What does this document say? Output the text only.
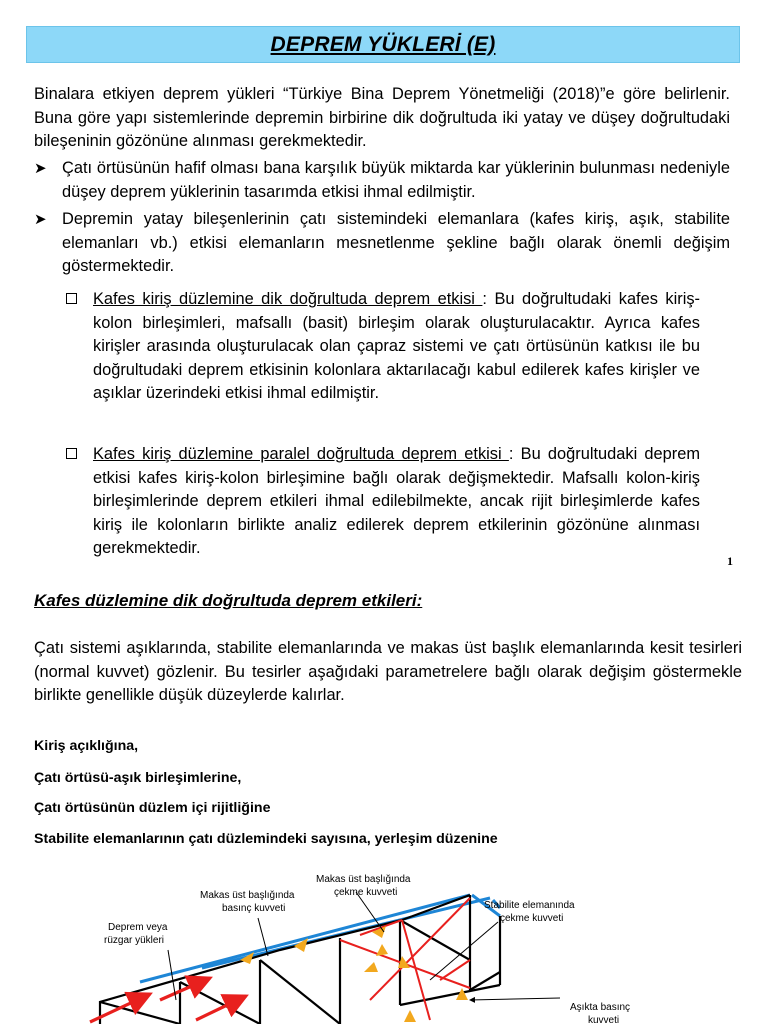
DEPREM YÜKLERİ (E)
Binalara etkiyen deprem yükleri “Türkiye Bina Deprem Yönetmeliği (2018)”e göre belirlenir. Buna göre yapı sistemlerinde depremin birbirine dik doğrultuda iki yatay ve düşey doğrultudaki bileşeninin gözönüne alınması gerekmektedir.
➤ Çatı örtüsünün hafif olması bana karşılık büyük miktarda kar yüklerinin bulunması nedeniyle düşey deprem yüklerinin tasarımda etkisi ihmal edilmiştir.
➤ Depremin yatay bileşenlerinin çatı sistemindeki elemanlara (kafes kiriş, aşık, stabilite elemanları vb.) etkisi elemanların mesnetlenme şekline bağlı olarak önemli değişim göstermektedir.
Kafes kiriş düzlemine dik doğrultuda deprem etkisi : Bu doğrultudaki kafes kiriş-kolon birleşimleri, mafsallı (basit) birleşim olarak oluşturulacaktır. Ayrıca kafes kirişler arasında oluşturulacak olan çapraz sistemi ve çatı örtüsünün katkısı ile bu doğrultudaki deprem etkisinin kolonlara aktarılacağı kabul edilerek kafes kirişler ve aşıklar üzerindeki etkisi ihmal edilmiştir.
Kafes kiriş düzlemine paralel doğrultuda deprem etkisi : Bu doğrultudaki deprem etkisi kafes kiriş-kolon birleşimine bağlı olarak değişmektedir. Mafsallı kolon-kiriş birleşimlerinde deprem etkileri ihmal edilebilmekte, ancak rijit birleşimlerde kafes kiriş ile kolonların birlikte analiz edilerek deprem etkilerinin gözönüne alınması gerekmektedir.
1
Kafes düzlemine dik doğrultuda deprem etkileri:
Çatı sistemi aşıklarında, stabilite elemanlarında ve makas üst başlık elemanlarında kesit tesirleri (normal kuvvet) gözlenir. Bu tesirler aşağıdaki parametrelere bağlı olarak değişim göstermekle birlikte genellikle düşük düzeylerde kalırlar.
Kiriş açıklığına,
Çatı örtüsü-aşık birleşimlerine,
Çatı örtüsünün düzlem içi rijitliğine
Stabilite elemanlarının çatı düzlemindeki sayısına, yerleşim düzenine
Deprem veya
rüzgar yükleri
Makas üst başlığında
basınç kuvveti
Makas üst başlığında
çekme kuvveti
Stabilite elemanında
çekme kuvveti
Aşıkta basınç
kuvveti
